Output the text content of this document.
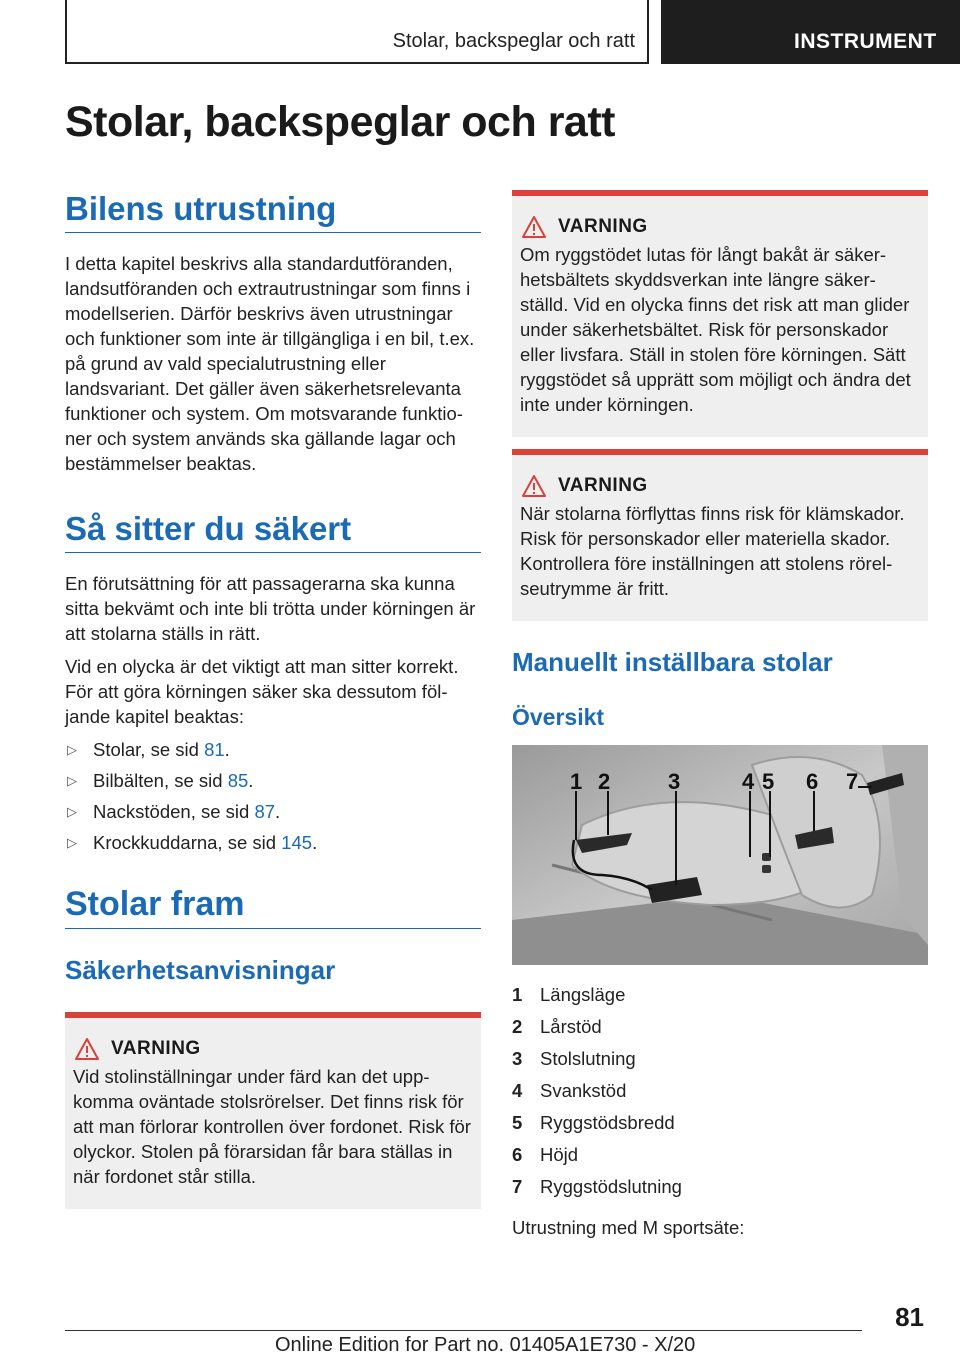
Stolar, backspeglar och ratt	INSTRUMENT
Stolar, backspeglar och ratt
Bilens utrustning

I detta kapitel beskrivs alla standardutföranden, landsutföranden och extrautrustningar som finns i modellserien. Därför beskrivs även utrustningar och funktioner som inte är tillgängliga i en bil, t.ex. på grund av vald specialutrustning eller landsvariant. Det gäller även säkerhetsrelevanta funktioner och system. Om motsvarande funktio‐ner och system används ska gällande lagar och bestämmelser beaktas.

Så sitter du säkert

En förutsättning för att passagerarna ska kunna sitta bekvämt och inte bli trötta under körningen är att stolarna ställs in rätt.

Vid en olycka är det viktigt att man sitter korrekt. För att göra körningen säker ska dessutom föl‐jande kapitel beaktas:

▷ Stolar, se sid 81.
▷ Bilbälten, se sid 85.
▷ Nackstöden, se sid 87.
▷ Krockkuddarna, se sid 145.
Stolar fram
Säkerhetsanvisningar
VARNING

Vid stolinställningar under färd kan det upp‐komma oväntade stolsrörelser. Det finns risk för att man förlorar kontrollen över fordonet. Risk för olyckor. Stolen på förarsidan får bara ställas in när fordonet står stilla.

VARNING

Om ryggstödet lutas för långt bakåt är säker‐hetsbältets skyddsverkan inte längre säker‐ställd. Vid en olycka finns det risk att man glider under säkerhetsbältet. Risk för personskador eller livsfara. Ställ in stolen före körningen. Sätt ryggstödet så upprätt som möjligt och ändra det inte under körningen.

VARNING

När stolarna förflyttas finns risk för klämskador. Risk för personskador eller materiella skador. Kontrollera före inställningen att stolens rörel‐seutrymme är fritt.

Manuellt inställbara stolar
Översikt
1 2	3	4 5 6 7
1 Längsläge
2 Lårstöd
3 Stolslutning
4 Svankstöd
5 Ryggstödsbredd
6 Höjd
7 Ryggstödslutning

Utrustning med M sportsäte:

81
Online Edition for Part no. 01405A1E730 - X/20
